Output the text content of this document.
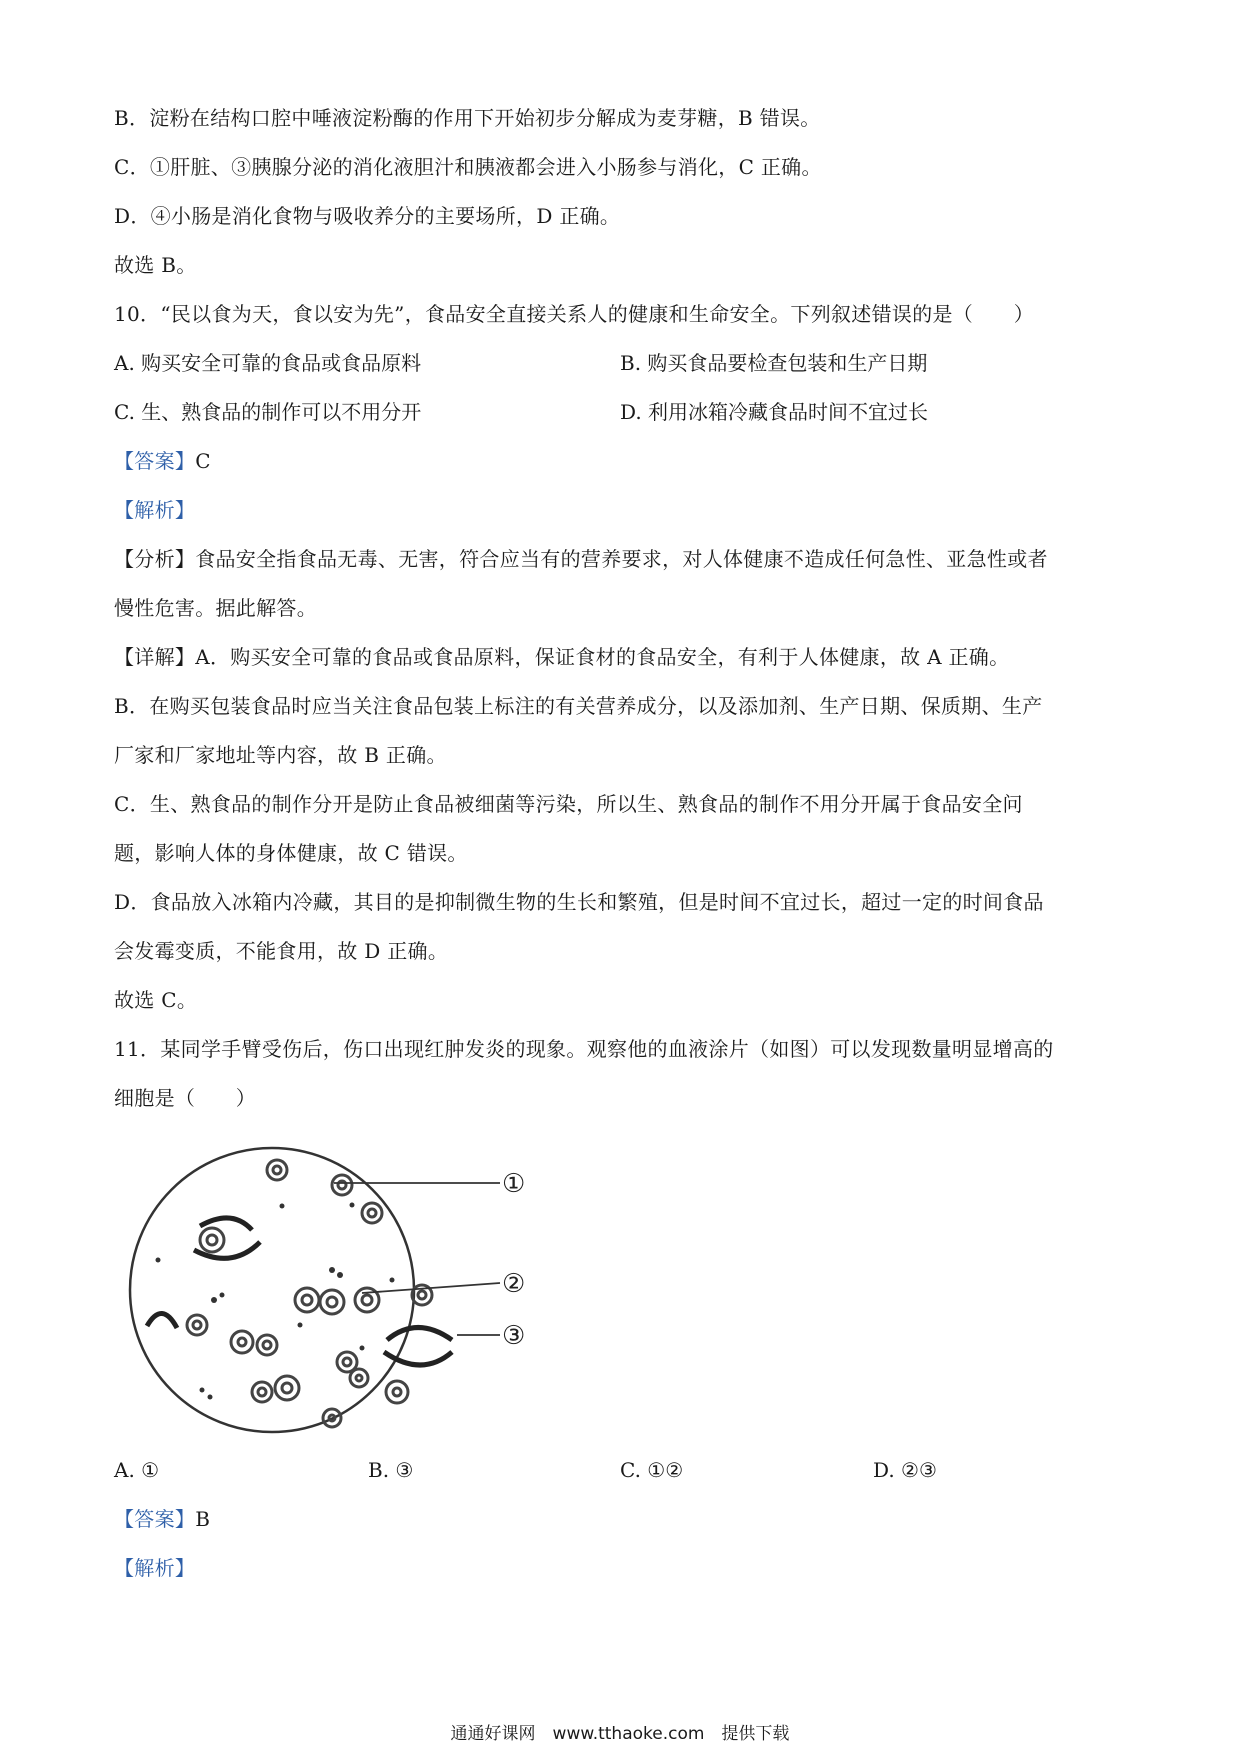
B．淀粉在结构口腔中唾液淀粉酶的作用下开始初步分解成为麦芽糖，B 错误。
C．①肝脏、③胰腺分泌的消化液胆汁和胰液都会进入小肠参与消化，C 正确。
D．④小肠是消化食物与吸收养分的主要场所，D 正确。
故选 B。
10．“民以食为天，食以安为先”，食品安全直接关系人的健康和生命安全。下列叙述错误的是（　　）
A. 购买安全可靠的食品或食品原料	B. 购买食品要检查包装和生产日期
C. 生、熟食品的制作可以不用分开	D. 利用冰箱冷藏食品时间不宜过长
【答案】C
【解析】
【分析】食品安全指食品无毒、无害，符合应当有的营养要求，对人体健康不造成任何急性、亚急性或者
慢性危害。据此解答。
【详解】A．购买安全可靠的食品或食品原料，保证食材的食品安全，有利于人体健康，故 A 正确。
B．在购买包装食品时应当关注食品包装上标注的有关营养成分，以及添加剂、生产日期、保质期、生产
厂家和厂家地址等内容，故 B 正确。
C．生、熟食品的制作分开是防止食品被细菌等污染，所以生、熟食品的制作不用分开属于食品安全问
题，影响人体的身体健康，故 C 错误。
D．食品放入冰箱内冷藏，其目的是抑制微生物的生长和繁殖，但是时间不宜过长，超过一定的时间食品
会发霉变质，不能食用，故 D 正确。
故选 C。
11．某同学手臂受伤后，伤口出现红肿发炎的现象。观察他的血液涂片（如图）可以发现数量明显增高的
细胞是（　　）
①
②
③
A. ①	B. ③	C. ①②	D. ②③
【答案】B
【解析】
通通好课网　www.tthaoke.com　提供下载
